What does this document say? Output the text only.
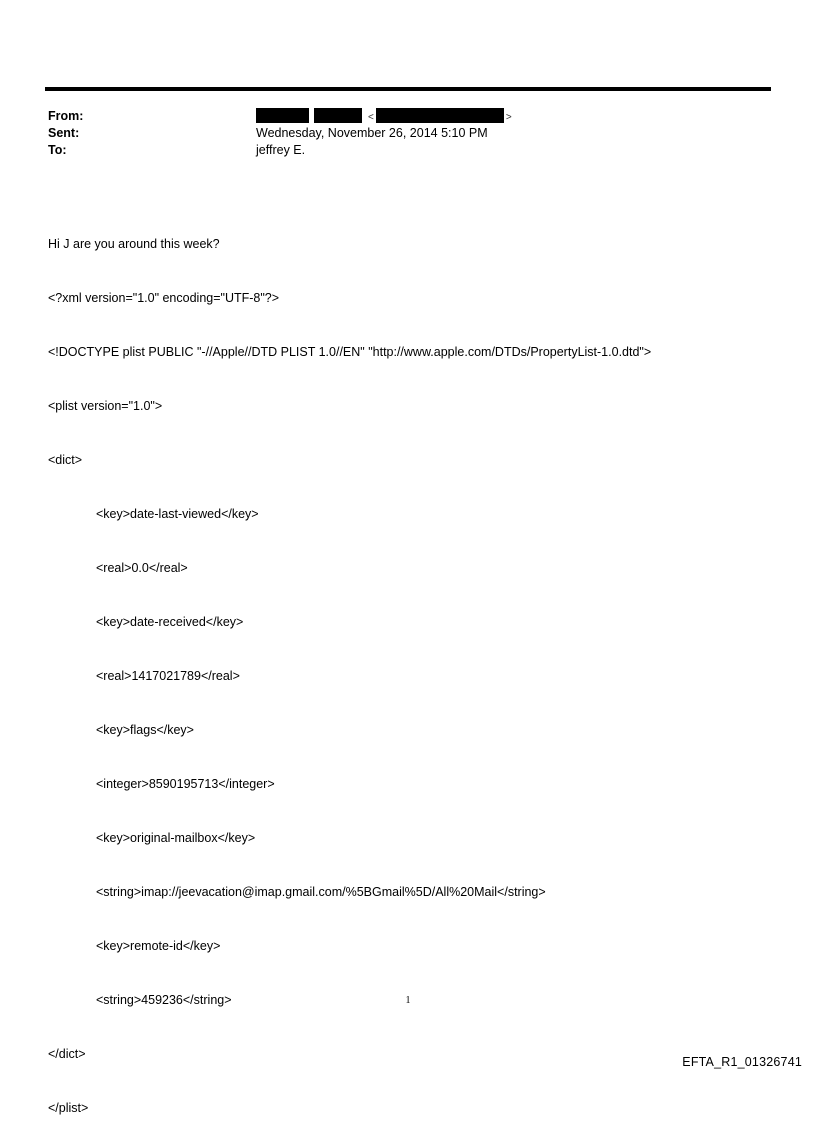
From:	<	>
Sent:	Wednesday, November 26, 2014 5:10 PM
To:	jeffrey E.

Hi J are you around this week?

<?xml version="1.0" encoding="UTF-8"?>

<!DOCTYPE plist PUBLIC "-//Apple//DTD PLIST 1.0//EN" "http://www.apple.com/DTDs/PropertyList-1.0.dtd">

<plist version="1.0">

<dict>

<key>date-last-viewed</key>

<real>0.0</real>

<key>date-received</key>

<real>1417021789</real>

<key>flags</key>

<integer>8590195713</integer>

<key>original-mailbox</key>

<string>imap://jeevacation@imap.gmail.com/%5BGmail%5D/All%20Mail</string>

<key>remote-id</key>

<string>459236</string>

</dict>

</plist>

1
EFTA_R1_01326741
